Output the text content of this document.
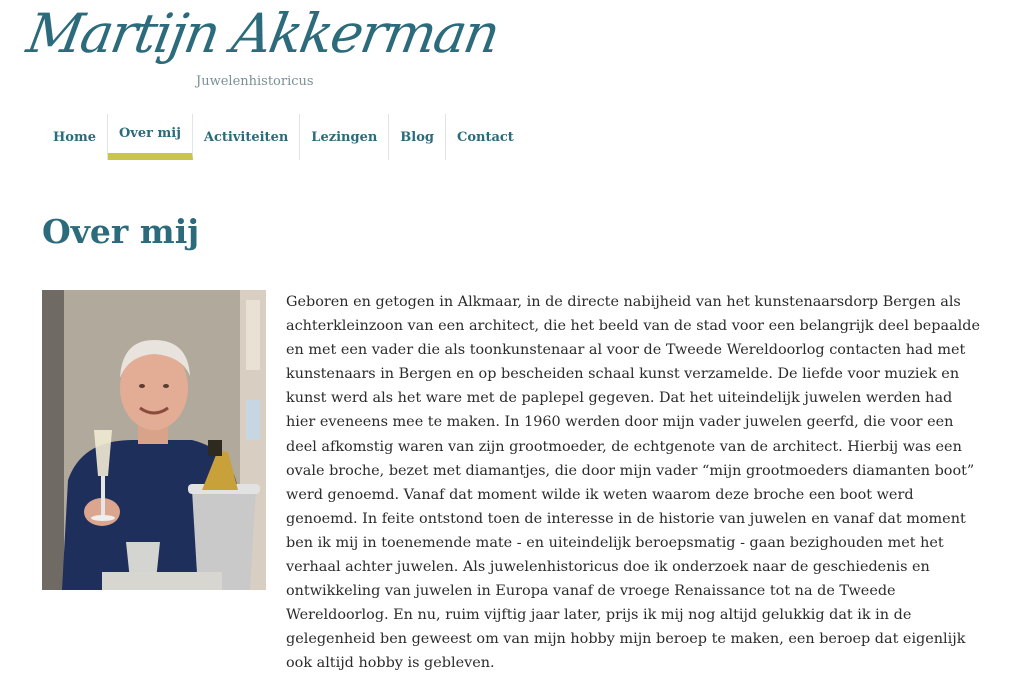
Martijn Akkerman
Juwelenhistoricus
Home	Over mij	Activiteiten	Lezingen	Blog	Contact
Over mij

Geboren en getogen in Alkmaar, in de directe nabijheid van het kunstenaarsdorp Bergen als achterkleinzoon van een architect, die het beeld van de stad voor een belangrijk deel bepaalde en met een vader die als toonkunstenaar al voor de Tweede Wereldoorlog contacten had met kunstenaars in Bergen en op bescheiden schaal kunst verzamelde. De liefde voor muziek en kunst werd als het ware met de paplepel gegeven. Dat het uiteindelijk juwelen werden had hier eveneens mee te maken. In 1960 werden door mijn vader juwelen geerfd, die voor een deel afkomstig waren van zijn grootmoeder, de echtgenote van de architect. Hierbij was een ovale broche, bezet met diamantjes, die door mijn vader “mijn grootmoeders diamanten boot” werd genoemd. Vanaf dat moment wilde ik weten waarom deze broche een boot werd genoemd. In feite ontstond toen de interesse in de historie van juwelen en vanaf dat moment ben ik mij in toenemende mate - en uiteindelijk beroepsmatig - gaan bezighouden met het verhaal achter juwelen. Als juwelenhistoricus doe ik onderzoek naar de geschiedenis en ontwikkeling van juwelen in Europa vanaf de vroege Renaissance tot na de Tweede Wereldoorlog. En nu, ruim vijftig jaar later, prijs ik mij nog altijd gelukkig dat ik in de gelegenheid ben geweest om van mijn hobby mijn beroep te maken, een beroep dat eigenlijk ook altijd hobby is gebleven.
